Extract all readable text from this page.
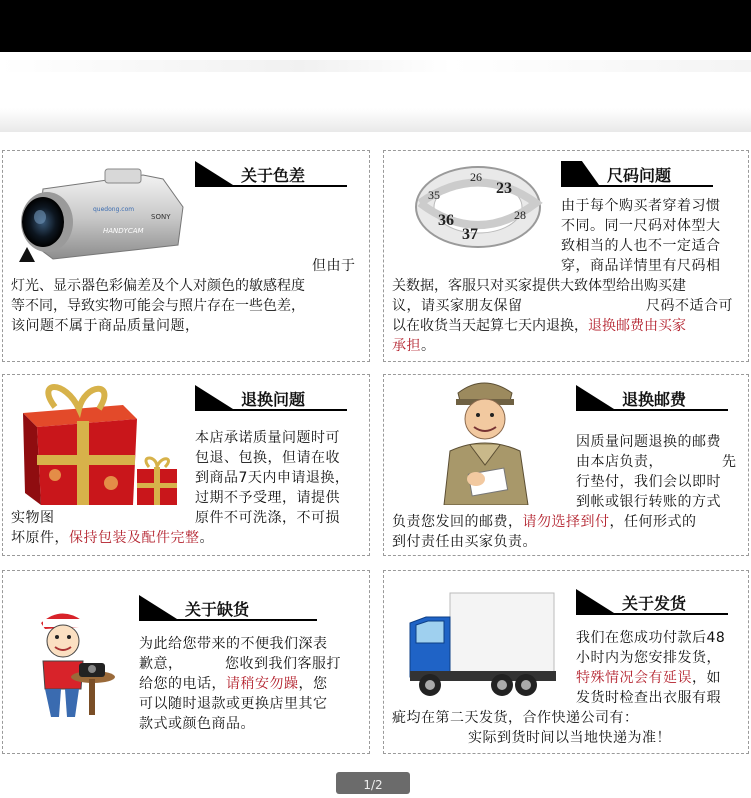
SONY
HANDYCAM
quedong.com
关于色差
但由于
灯光、显示器色彩偏差及个人对颜色的敏感程度
等不同，导致实物可能会与照片存在一些色差，
该问题不属于商品质量问题，
36
37
23
35
28
26	尺码问题
由于每个购买者穿着习惯
不同。同一尺码对体型大
致相当的人也不一定适合
穿，商品详情里有尺码相
关数据，客服只对买家提供大致体型给出购买建
议，请买家朋友保留	尺码不适合可
以在收货当天起算七天内退换，退换邮费由买家
承担。
退换问题
本店承诺质量问题时可
包退、包换，但请在收
到商品7天内申请退换，
过期不予受理，请提供
实物图	原件不可洗涤，不可损
坏原件，保持包装及配件完整。
退换邮费
因质量问题退换的邮费
由本店负责，	先
行垫付，我们会以即时
到帐或银行转账的方式
负责您发回的邮费，请勿选择到付，任何形式的
到付责任由买家负责。
关于缺货
为此给您带来的不便我们深表
歉意，	您收到我们客服打
给您的电话，请稍安勿躁，您
可以随时退款或更换店里其它
款式或颜色商品。
关于发货
我们在您成功付款后48
小时内为您安排发货，
特殊情况会有延误，如
发货时检查出衣服有瑕
疵均在第二天发货，合作快递公司有：
实际到货时间以当地快递为准！
1/2
